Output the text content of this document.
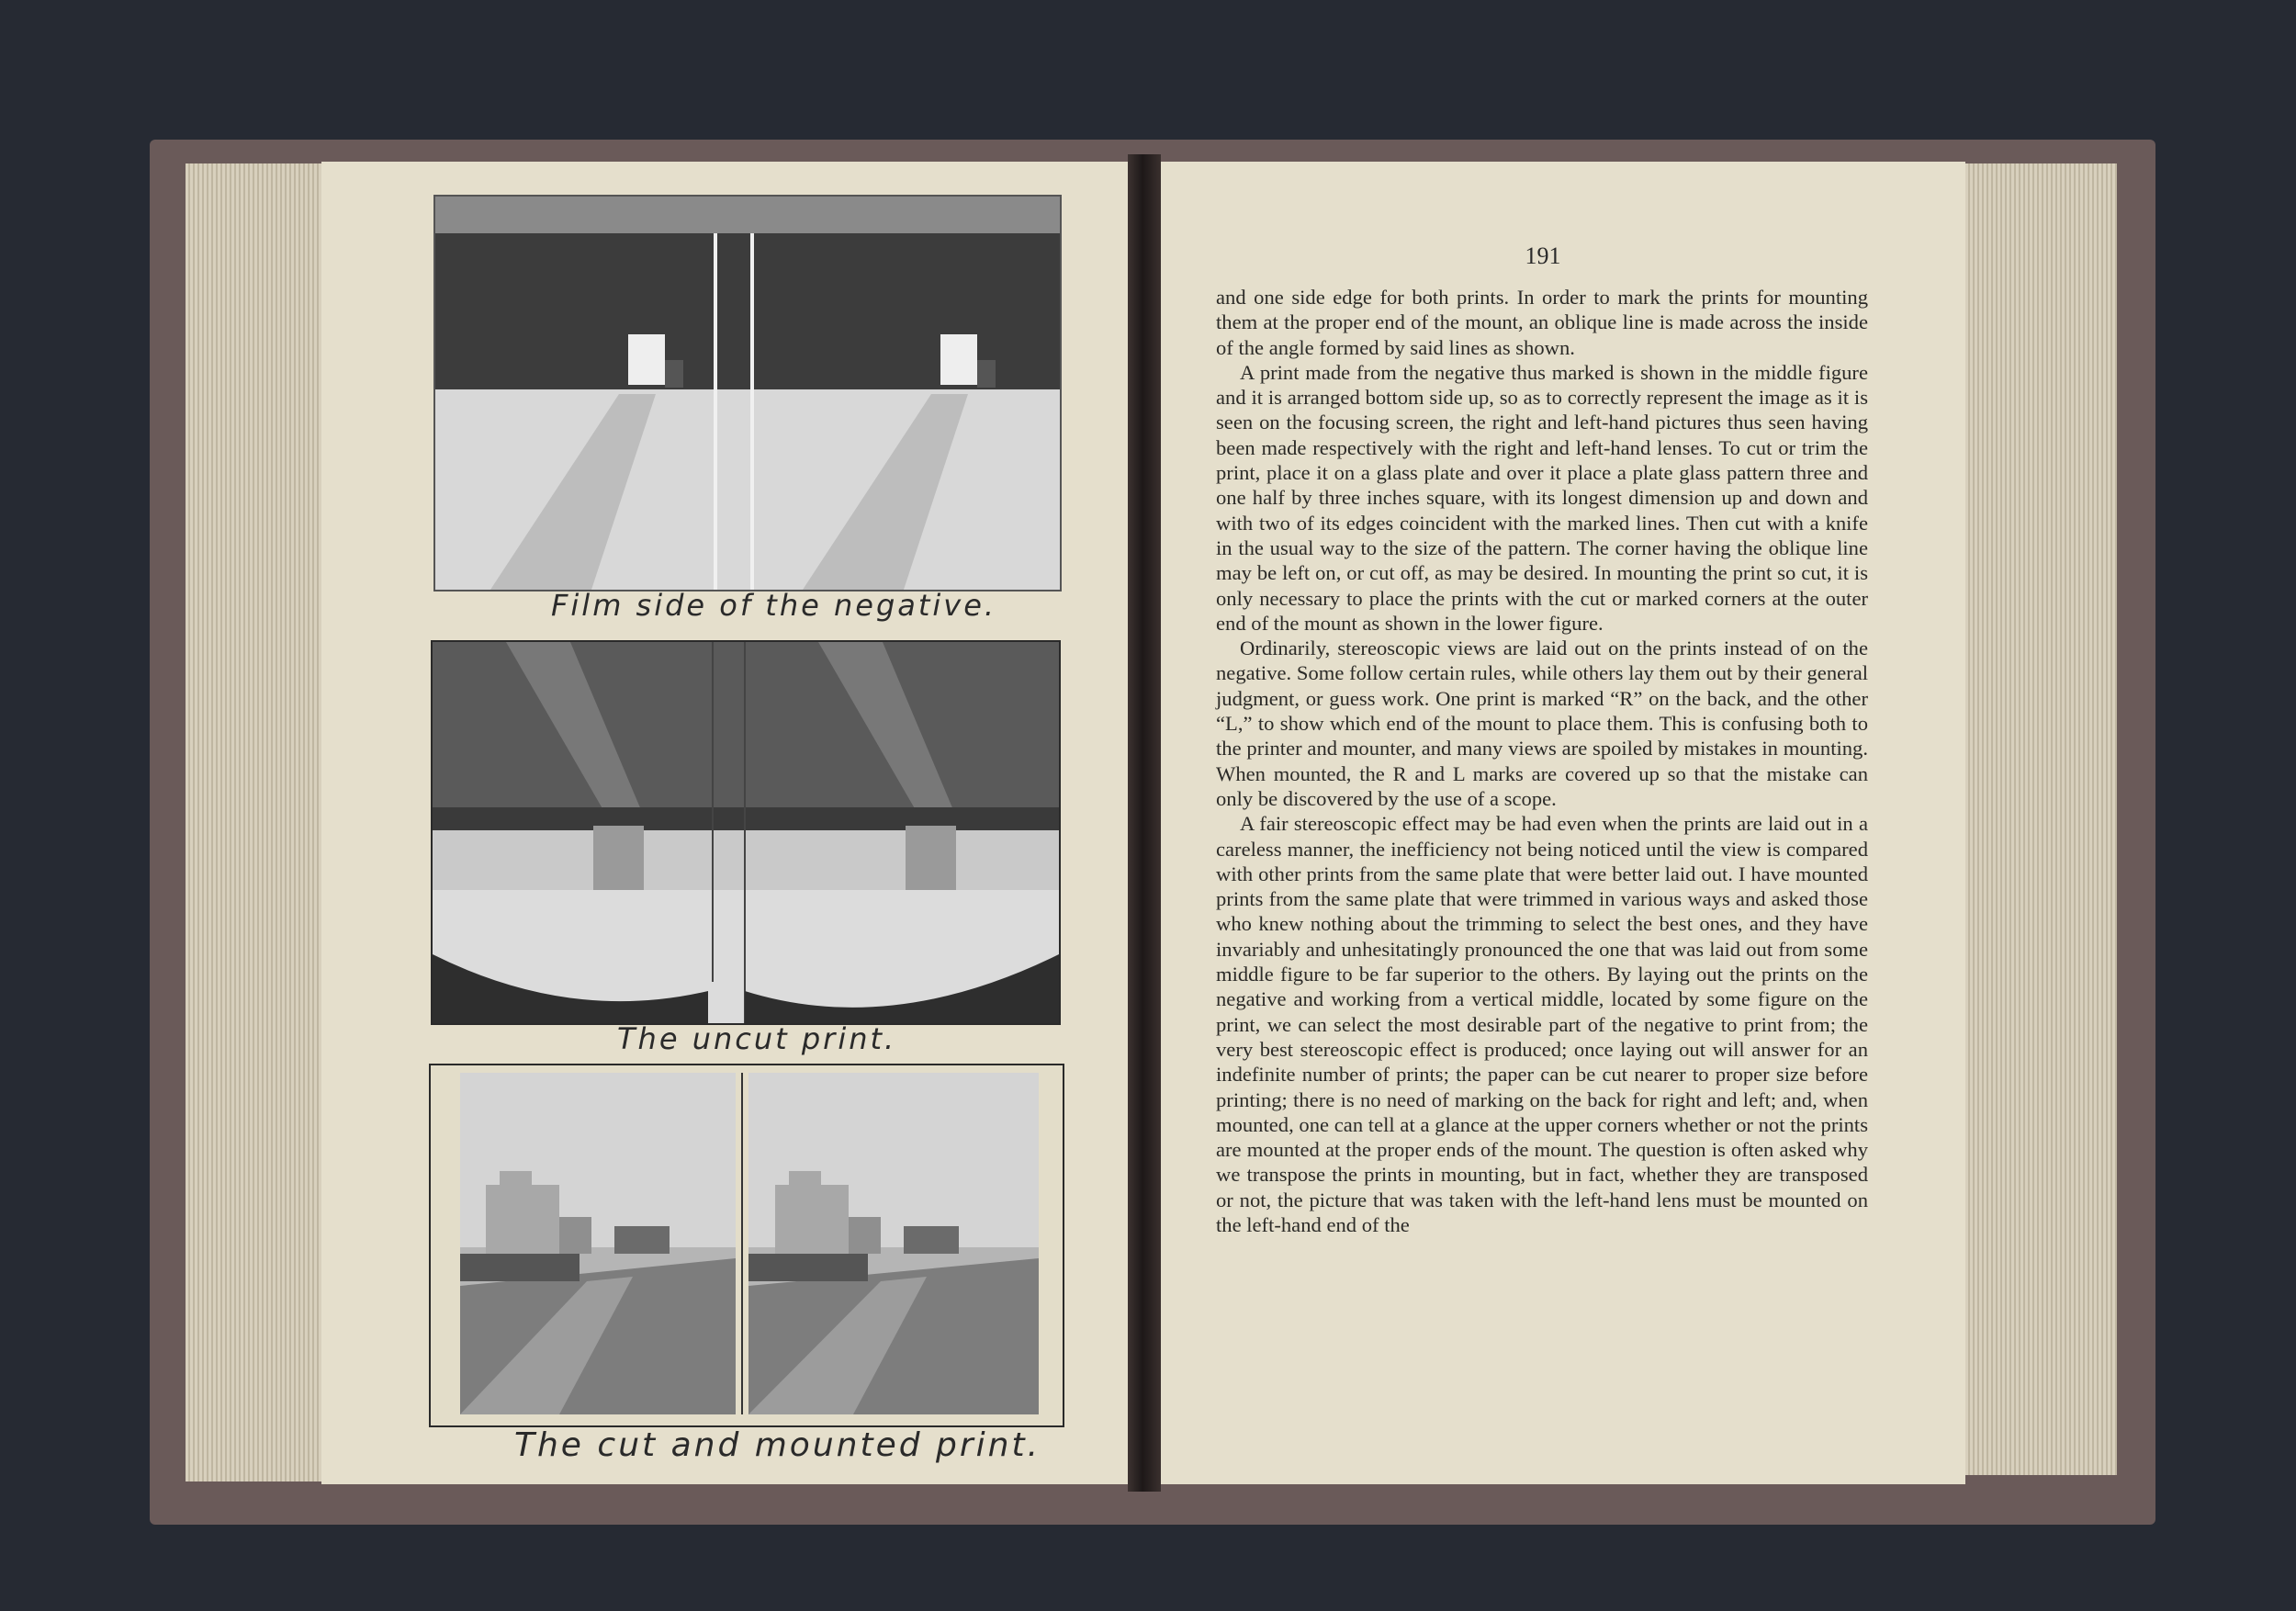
Film side of the negative.
The uncut print.
The cut and mounted print.
191

and one side edge for both prints. In order to mark the prints for mounting them at the proper end of the mount, an oblique line is made across the inside of the angle formed by said lines as shown.

A print made from the negative thus marked is shown in the middle figure and it is arranged bottom side up, so as to correctly represent the image as it is seen on the focusing screen, the right and left-hand pictures thus seen having been made respectively with the right and left-hand lenses. To cut or trim the print, place it on a glass plate and over it place a plate glass pattern three and one half by three inches square, with its longest dimension up and down and with two of its edges coincident with the marked lines. Then cut with a knife in the usual way to the size of the pattern. The corner having the oblique line may be left on, or cut off, as may be desired. In mounting the print so cut, it is only necessary to place the prints with the cut or marked corners at the outer end of the mount as shown in the lower figure.

Ordinarily, stereoscopic views are laid out on the prints instead of on the negative. Some follow certain rules, while others lay them out by their general judgment, or guess work. One print is marked “R” on the back, and the other “L,” to show which end of the mount to place them. This is confusing both to the printer and mounter, and many views are spoiled by mistakes in mounting. When mounted, the R and L marks are covered up so that the mistake can only be discovered by the use of a scope.

A fair stereoscopic effect may be had even when the prints are laid out in a careless manner, the inefficiency not being noticed until the view is compared with other prints from the same plate that were better laid out. I have mounted prints from the same plate that were trimmed in various ways and asked those who knew nothing about the trimming to select the best ones, and they have invariably and unhesitatingly pronounced the one that was laid out from some middle figure to be far superior to the others. By laying out the prints on the negative and working from a vertical middle, located by some figure on the print, we can select the most desirable part of the negative to print from; the very best stereoscopic effect is produced; once laying out will answer for an indefinite number of prints; the paper can be cut nearer to proper size before printing; there is no need of marking on the back for right and left; and, when mounted, one can tell at a glance at the upper corners whether or not the prints are mounted at the proper ends of the mount. The question is often asked why we transpose the prints in mounting, but in fact, whether they are transposed or not, the picture that was taken with the left-hand lens must be mounted on the left-hand end of the
